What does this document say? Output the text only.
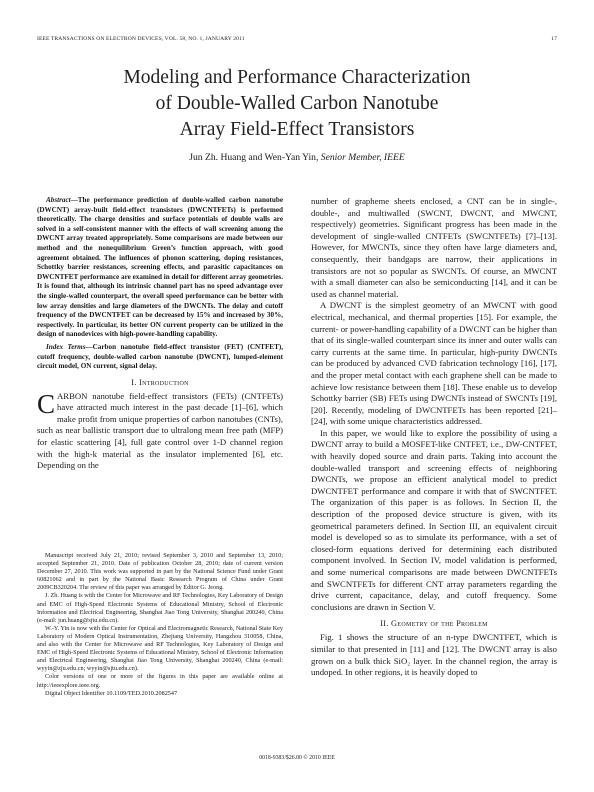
IEEE TRANSACTIONS ON ELECTRON DEVICES, VOL. 58, NO. 1, JANUARY 2011	17
Modeling and Performance Characterization
of Double-Walled Carbon Nanotube
Array Field-Effect Transistors
Jun Zh. Huang and Wen-Yan Yin, Senior Member, IEEE

Abstract—The performance prediction of double-walled carbon nanotube (DWCNT) array-built field-effect transistors (DWCNTFETs) is performed theoretically. The charge densities and surface potentials of double walls are solved in a self-consistent manner with the effects of wall screening among the DWCNT array treated appropriately. Some comparisons are made between our method and the nonequilibrium Green’s function approach, with good agreement obtained. The influences of phonon scattering, doping resistances, Schottky barrier resistances, screening effects, and parasitic capacitances on DWCNTFET performance are examined in detail for different array geometries. It is found that, although its intrinsic channel part has no speed advantage over the single-walled counterpart, the overall speed performance can be better with low array densities and large diameters of the DWCNTs. The delay and cutoff frequency of the DWCNTFET can be decreased by 15% and increased by 30%, respectively. In particular, its better ON current property can be utilized in the design of nanodevices with high-power-handling capability.

Index Terms—Carbon nanotube field-effect transistor (FET) (CNTFET), cutoff frequency, double-walled carbon nanotube (DWCNT), lumped-element circuit model, ON current, signal delay.

I. Introduction

CARBON nanotube field-effect transistors (FETs) (CNTFETs) have attracted much interest in the past decade [1]–[6], which make profit from unique properties of carbon nanotubes (CNTs), such as near ballistic transport due to ultralong mean free path (MFP) for elastic scattering [4], full gate control over 1-D channel region with the high-k material as the insulator implemented [6], etc. Depending on the

Manuscript received July 21, 2010; revised September 3, 2010 and September 13, 2010; accepted September 21, 2010. Date of publication October 28, 2010; date of current version December 27, 2010. This work was supported in part by the National Science Fund under Grant 60821062 and in part by the National Basic Research Program of China under Grant 2009CB320204. The review of this paper was arranged by Editor G. Jeong.

J. Zh. Huang is with the Center for Microwave and RF Technologies, Key Laboratory of Design and EMC of High-Speed Electronic Systems of Educational Ministry, School of Electronic Information and Electrical Engineering, Shanghai Jiao Tong University, Shanghai 200240, China (e-mail: jun.huang@sjtu.edu.cn).

W.-Y. Yin is now with the Center for Optical and Electromagnetic Research, National State Key Laboratory of Modern Optical Instrumentation, Zhejiang University, Hangzhou 310058, China, and also with the Center for Microwave and RF Technologies, Key Laboratory of Design and EMC of High-Speed Electronic Systems of Educational Ministry, School of Electronic Information and Electrical Engineering, Shanghai Jiao Tong University, Shanghai 200240, China (e-mail: wyyin@zju.edu.cn; wyyin@sjtu.edu.cn).

Color versions of one or more of the figures in this paper are available online at http://ieeexplore.ieee.org.

Digital Object Identifier 10.1109/TED.2010.2082547

number of grapheme sheets enclosed, a CNT can be in single-, double-, and multiwalled (SWCNT, DWCNT, and MWCNT, respectively) geometries. Significant progress has been made in the development of single-walled CNTFETs (SWCNTFETs) [7]–[13]. However, for MWCNTs, since they often have large diameters and, consequently, their bandgaps are narrow, their applications in transistors are not so popular as SWCNTs. Of course, an MWCNT with a small diameter can also be semiconducting [14], and it can be used as channel material.

A DWCNT is the simplest geometry of an MWCNT with good electrical, mechanical, and thermal properties [15]. For example, the current- or power-handling capability of a DWCNT can be higher than that of its single-walled counterpart since its inner and outer walls can carry currents at the same time. In particular, high-purity DWCNTs can be produced by advanced CVD fabrication technology [16], [17], and the proper metal contact with each graphene shell can be made to achieve low resistance between them [18]. These enable us to develop Schottky barrier (SB) FETs using DWCNTs instead of SWCNTs [19], [20]. Recently, modeling of DWCNTFETs has been reported [21]–[24], with some unique characteristics addressed.

In this paper, we would like to explore the possibility of using a DWCNT array to build a MOSFET-like CNTFET, i.e., DW-CNTFET, with heavily doped source and drain parts. Taking into account the double-walled transport and screening effects of neighboring DWCNTs, we propose an efficient analytical model to predict DWCNTFET performance and compare it with that of SWCNTFET. The organization of this paper is as follows. In Section II, the description of the proposed device structure is given, with its geometrical parameters defined. In Section III, an equivalent circuit model is developed so as to simulate its performance, with a set of closed-form equations derived for determining each distributed component involved. In Section IV, model validation is performed, and some numerical comparisons are made between DWCNTFETs and SWCNTFETs for different CNT array parameters regarding the drive current, capacitance, delay, and cutoff frequency. Some conclusions are drawn in Section V.

II. Geometry of the Problem

Fig. 1 shows the structure of an n-type DWCNTFET, which is similar to that presented in [11] and [12]. The DWCNT array is also grown on a bulk thick SiO₂ layer. In the channel region, the array is undoped. In other regions, it is heavily doped to

0018-9383/$26.00 © 2010 IEEE
